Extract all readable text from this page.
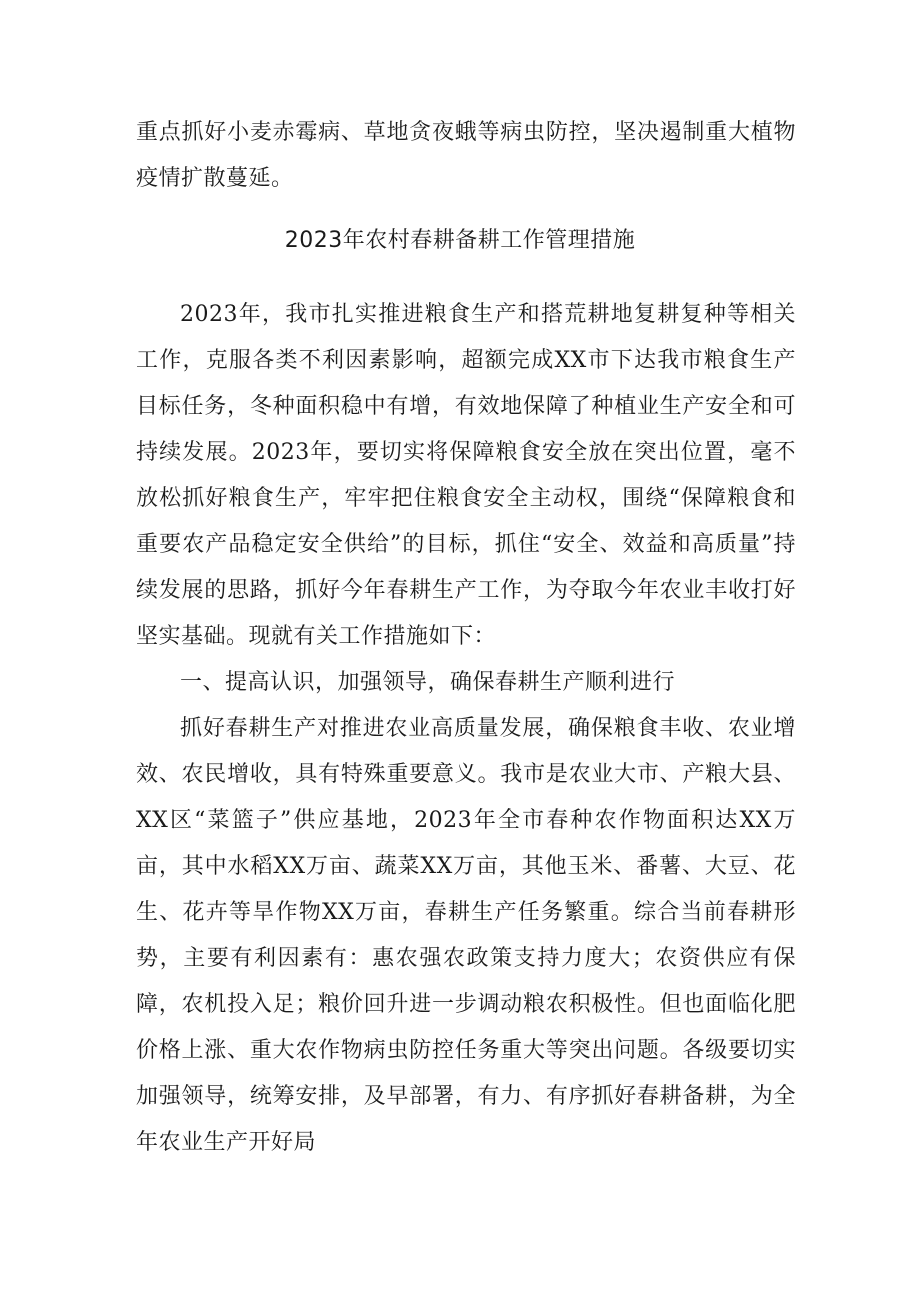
重点抓好小麦赤霉病、草地贪夜蛾等病虫防控，坚决遏制重大植物疫情扩散蔓延。
2023年农村春耕备耕工作管理措施

2023年，我市扎实推进粮食生产和搭荒耕地复耕复种等相关工作，克服各类不利因素影响，超额完成XX市下达我市粮食生产目标任务，冬种面积稳中有增，有效地保障了种植业生产安全和可持续发展。2023年，要切实将保障粮食安全放在突出位置，毫不放松抓好粮食生产，牢牢把住粮食安全主动权，围绕“保障粮食和重要农产品稳定安全供给”的目标，抓住“安全、效益和高质量”持续发展的思路，抓好今年春耕生产工作，为夺取今年农业丰收打好坚实基础。现就有关工作措施如下：

一、提高认识，加强领导，确保春耕生产顺利进行

抓好春耕生产对推进农业高质量发展，确保粮食丰收、农业增效、农民增收，具有特殊重要意义。我市是农业大市、产粮大县、XX区“菜篮子”供应基地，2023年全市春种农作物面积达XX万亩，其中水稻XX万亩、蔬菜XX万亩，其他玉米、番薯、大豆、花生、花卉等旱作物XX万亩，春耕生产任务繁重。综合当前春耕形势，主要有利因素有：惠农强农政策支持力度大；农资供应有保障，农机投入足；粮价回升进一步调动粮农积极性。但也面临化肥价格上涨、重大农作物病虫防控任务重大等突出问题。各级要切实加强领导，统筹安排，及早部署，有力、有序抓好春耕备耕，为全年农业生产开好局
